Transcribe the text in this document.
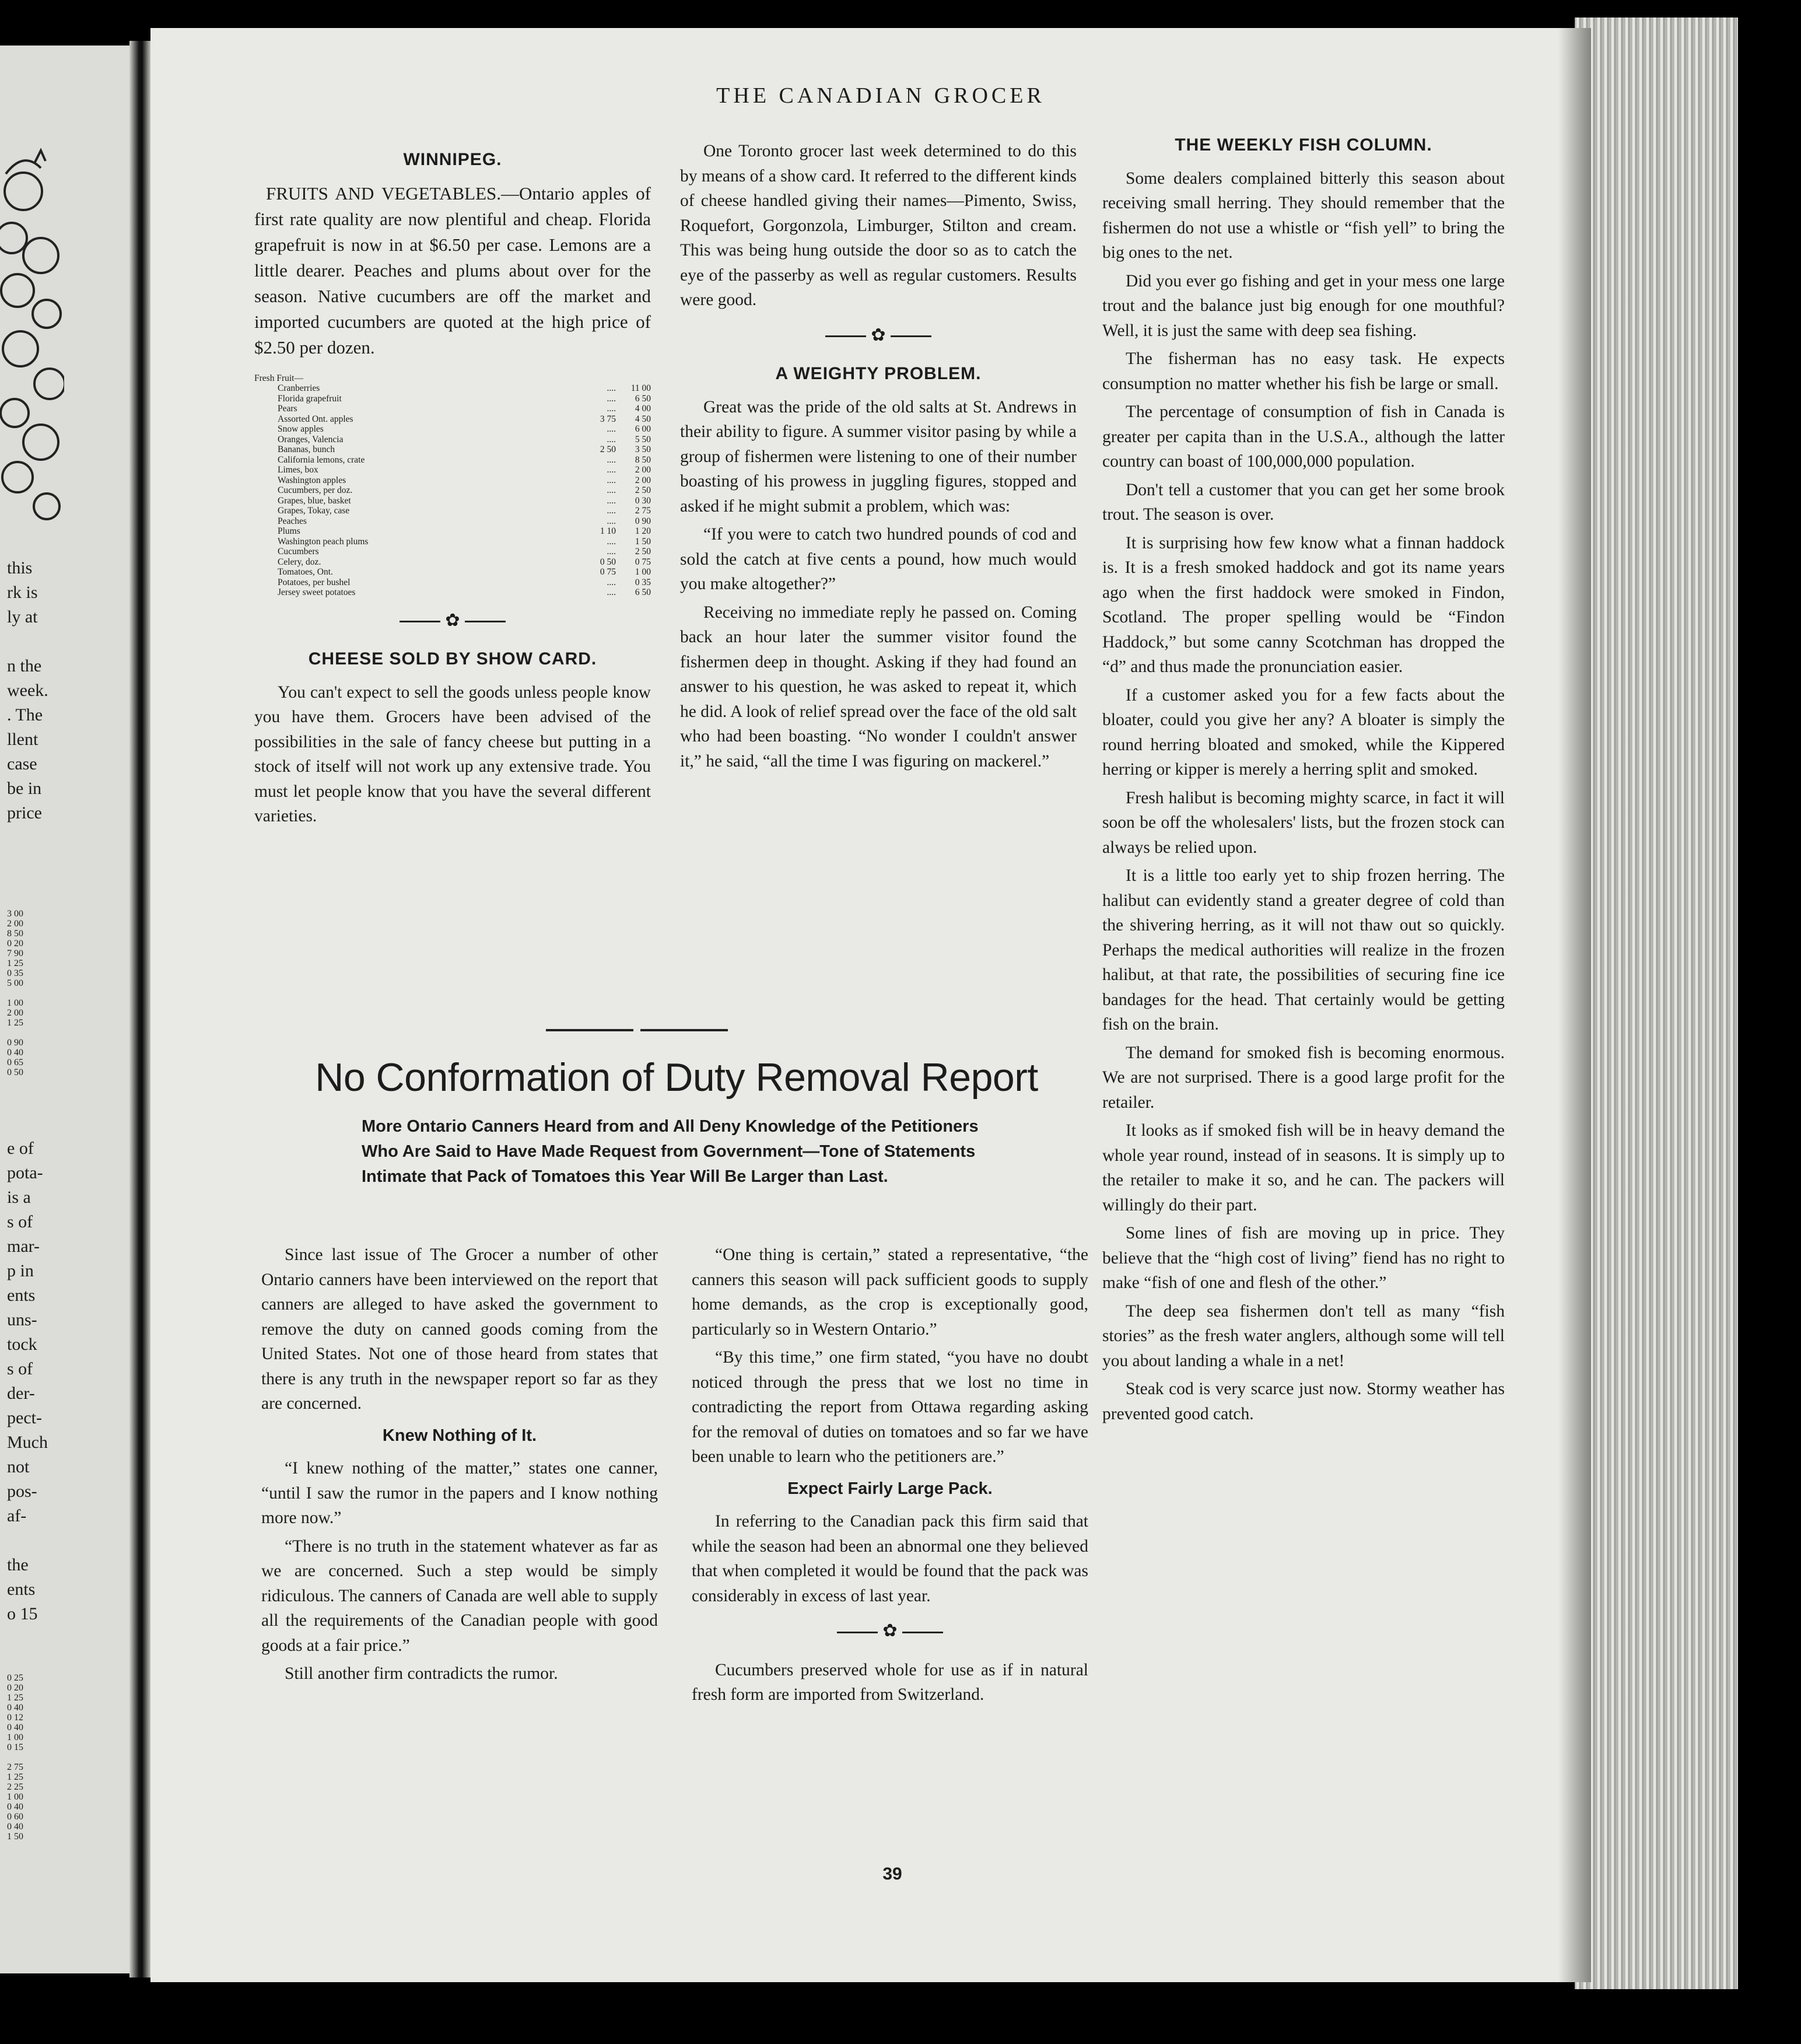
this
rk is
ly at

n the
week.
. The
llent
case
be in
price
3 00
2 00
8 50
0 20
7 90
1 25
0 35
5 00

1 00
2 00
1 25

0 90
0 40
0 65
0 50
e of
pota-
is a
s of
mar-
p in
ents
uns-
tock
s of
der-
pect-
Much
not
pos-
af-

the
ents
o 15
0 25
0 20
1 25
0 40
0 12
0 40
1 00
0 15

2 75
1 25
2 25
1 00
0 40
0 60
0 40
1 50
THE CANADIAN GROCER
WINNIPEG.

FRUITS AND VEGETABLES.—Ontario apples of first rate quality are now plentiful and cheap. Florida grapefruit is now in at $6.50 per case. Lemons are a little dearer. Peaches and plums about over for the season. Native cucumbers are off the market and imported cucumbers are quoted at the high price of $2.50 per dozen.

Fresh Fruit—		
Cranberries	....	11 00
Florida grapefruit	....	6 50
Pears	....	4 00
Assorted Ont. apples	3 75	4 50
Snow apples	....	6 00
Oranges, Valencia	....	5 50
Bananas, bunch	2 50	3 50
California lemons, crate	....	8 50
Limes, box	....	2 00
Washington apples	....	2 00
Cucumbers, per doz.	....	2 50
Grapes, blue, basket	....	0 30
Grapes, Tokay, case	....	2 75
Peaches	....	0 90
Plums	1 10	1 20
Washington peach plums	....	1 50
Cucumbers	....	2 50
Celery, doz.	0 50	0 75
Tomatoes, Ont.	0 75	1 00
Potatoes, per bushel	....	0 35
Jersey sweet potatoes	....	6 50
✿
CHEESE SOLD BY SHOW CARD.

You can't expect to sell the goods unless people know you have them. Grocers have been advised of the possibilities in the sale of fancy cheese but putting in a stock of itself will not work up any extensive trade. You must let people know that you have the several different varieties.

One Toronto grocer last week determined to do this by means of a show card. It referred to the different kinds of cheese handled giving their names—Pimento, Swiss, Roquefort, Gorgonzola, Limburger, Stilton and cream. This was being hung outside the door so as to catch the eye of the passerby as well as regular customers. Results were good.

✿
A WEIGHTY PROBLEM.

Great was the pride of the old salts at St. Andrews in their ability to figure. A summer visitor pasing by while a group of fishermen were listening to one of their number boasting of his prowess in juggling figures, stopped and asked if he might submit a problem, which was:

“If you were to catch two hundred pounds of cod and sold the catch at five cents a pound, how much would you make altogether?”

Receiving no immediate reply he passed on. Coming back an hour later the summer visitor found the fishermen deep in thought. Asking if they had found an answer to his question, he was asked to repeat it, which he did. A look of relief spread over the face of the old salt who had been boasting. “No wonder I couldn't answer it,” he said, “all the time I was figuring on mackerel.”

THE WEEKLY FISH COLUMN.

Some dealers complained bitterly this season about receiving small herring. They should remember that the fishermen do not use a whistle or “fish yell” to bring the big ones to the net.

Did you ever go fishing and get in your mess one large trout and the balance just big enough for one mouthful? Well, it is just the same with deep sea fishing.

The fisherman has no easy task. He expects consumption no matter whether his fish be large or small.

The percentage of consumption of fish in Canada is greater per capita than in the U.S.A., although the latter country can boast of 100,000,000 population.

Don't tell a customer that you can get her some brook trout. The season is over.

It is surprising how few know what a finnan haddock is. It is a fresh smoked haddock and got its name years ago when the first haddock were smoked in Findon, Scotland. The proper spelling would be “Findon Haddock,” but some canny Scotchman has dropped the “d” and thus made the pronunciation easier.

If a customer asked you for a few facts about the bloater, could you give her any? A bloater is simply the round herring bloated and smoked, while the Kippered herring or kipper is merely a herring split and smoked.

Fresh halibut is becoming mighty scarce, in fact it will soon be off the wholesalers' lists, but the frozen stock can always be relied upon.

It is a little too early yet to ship frozen herring. The halibut can evidently stand a greater degree of cold than the shivering herring, as it will not thaw out so quickly. Perhaps the medical authorities will realize in the frozen halibut, at that rate, the possibilities of securing fine ice bandages for the head. That certainly would be getting fish on the brain.

The demand for smoked fish is becoming enormous. We are not surprised. There is a good large profit for the retailer.

It looks as if smoked fish will be in heavy demand the whole year round, instead of in seasons. It is simply up to the retailer to make it so, and he can. The packers will willingly do their part.

Some lines of fish are moving up in price. They believe that the “high cost of living” fiend has no right to make “fish of one and flesh of the other.”

The deep sea fishermen don't tell as many “fish stories” as the fresh water anglers, although some will tell you about landing a whale in a net!

Steak cod is very scarce just now. Stormy weather has prevented good catch.

No Conformation of Duty Removal Report
More Ontario Canners Heard from and All Deny Knowledge of the Petitioners Who Are Said to Have Made Request from Government—Tone of Statements Intimate that Pack of Tomatoes this Year Will Be Larger than Last.

Since last issue of The Grocer a number of other Ontario canners have been interviewed on the report that canners are alleged to have asked the government to remove the duty on canned goods coming from the United States. Not one of those heard from states that there is any truth in the newspaper report so far as they are concerned.

Knew Nothing of It.

“I knew nothing of the matter,” states one canner, “until I saw the rumor in the papers and I know nothing more now.”

“There is no truth in the statement whatever as far as we are concerned. Such a step would be simply ridiculous. The canners of Canada are well able to supply all the requirements of the Canadian people with good goods at a fair price.”

Still another firm contradicts the rumor.

“One thing is certain,” stated a representative, “the canners this season will pack sufficient goods to supply home demands, as the crop is exceptionally good, particularly so in Western Ontario.”

“By this time,” one firm stated, “you have no doubt noticed through the press that we lost no time in contradicting the report from Ottawa regarding asking for the removal of duties on tomatoes and so far we have been unable to learn who the petitioners are.”

Expect Fairly Large Pack.

In referring to the Canadian pack this firm said that while the season had been an abnormal one they believed that when completed it would be found that the pack was considerably in excess of last year.

✿

Cucumbers preserved whole for use as if in natural fresh form are imported from Switzerland.

39
